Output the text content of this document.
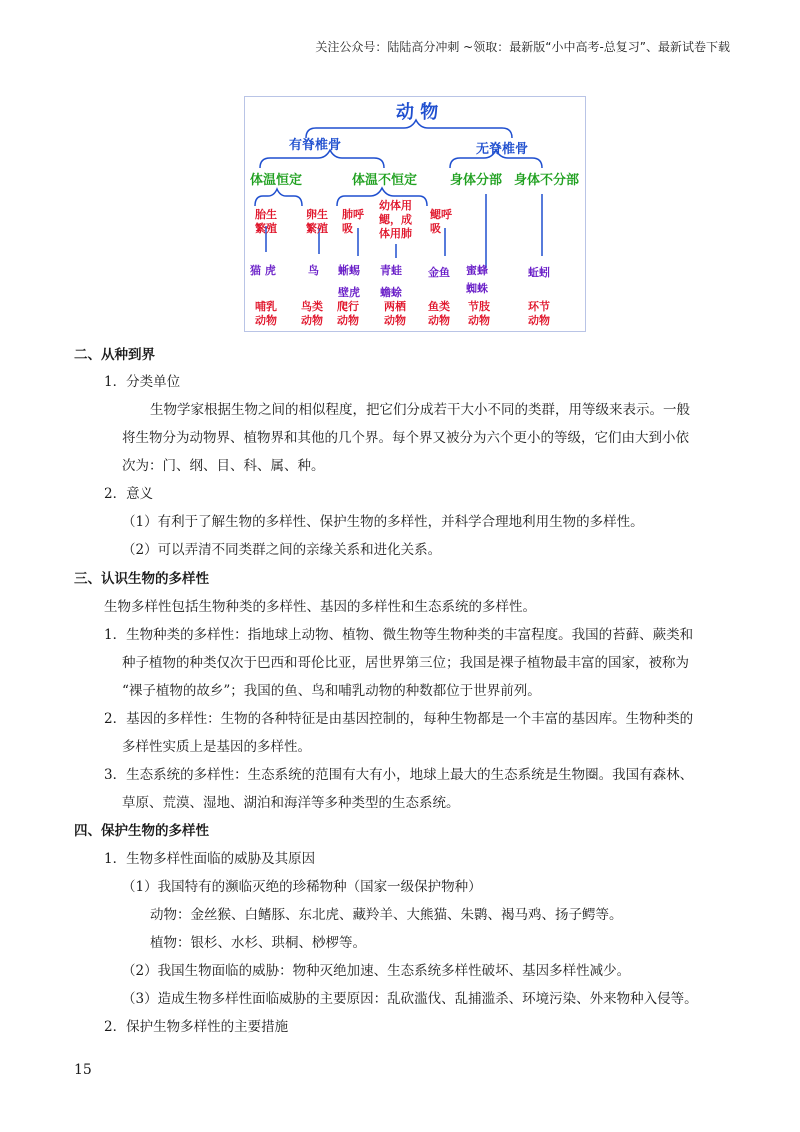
关注公众号：陆陆高分冲刺 ~领取：最新版“小中高考-总复习”、最新试卷下载
动 物
有脊椎骨	无脊椎骨
体温恒定	体温不恒定	身体分部 身体不分部
胎生
繁殖
卵生
繁殖
肺呼
吸
幼体用
鳃，成
体用肺
鳃呼
吸
猫 虎	鸟 蜥蜴
壁虎
青蛙
蟾蜍
金鱼 蜜蜂
蜘蛛
蚯蚓
哺乳
动物
鸟类
动物
爬行
动物
两栖
动物
鱼类
动物
节肢
动物
环节
动物
二、从种到界
1．分类单位
生物学家根据生物之间的相似程度，把它们分成若干大小不同的类群，用等级来表示。一般
将生物分为动物界、植物界和其他的几个界。每个界又被分为六个更小的等级，它们由大到小依
次为：门、纲、目、科、属、种。
2．意义
（1）有利于了解生物的多样性、保护生物的多样性，并科学合理地利用生物的多样性。
（2）可以弄清不同类群之间的亲缘关系和进化关系。
三、认识生物的多样性
生物多样性包括生物种类的多样性、基因的多样性和生态系统的多样性。
1．生物种类的多样性：指地球上动物、植物、微生物等生物种类的丰富程度。我国的苔藓、蕨类和
种子植物的种类仅次于巴西和哥伦比亚，居世界第三位；我国是裸子植物最丰富的国家，被称为
“裸子植物的故乡”；我国的鱼、鸟和哺乳动物的种数都位于世界前列。
2．基因的多样性：生物的各种特征是由基因控制的，每种生物都是一个丰富的基因库。生物种类的
多样性实质上是基因的多样性。
3．生态系统的多样性：生态系统的范围有大有小，地球上最大的生态系统是生物圈。我国有森林、
草原、荒漠、湿地、湖泊和海洋等多种类型的生态系统。
四、保护生物的多样性
1．生物多样性面临的威胁及其原因
（1）我国特有的濒临灭绝的珍稀物种（国家一级保护物种）
动物：金丝猴、白鳍豚、东北虎、藏羚羊、大熊猫、朱鹮、褐马鸡、扬子鳄等。
植物：银杉、水杉、珙桐、桫椤等。
（2）我国生物面临的威胁：物种灭绝加速、生态系统多样性破坏、基因多样性减少。
（3）造成生物多样性面临威胁的主要原因：乱砍滥伐、乱捕滥杀、环境污染、外来物种入侵等。
2．保护生物多样性的主要措施
15
